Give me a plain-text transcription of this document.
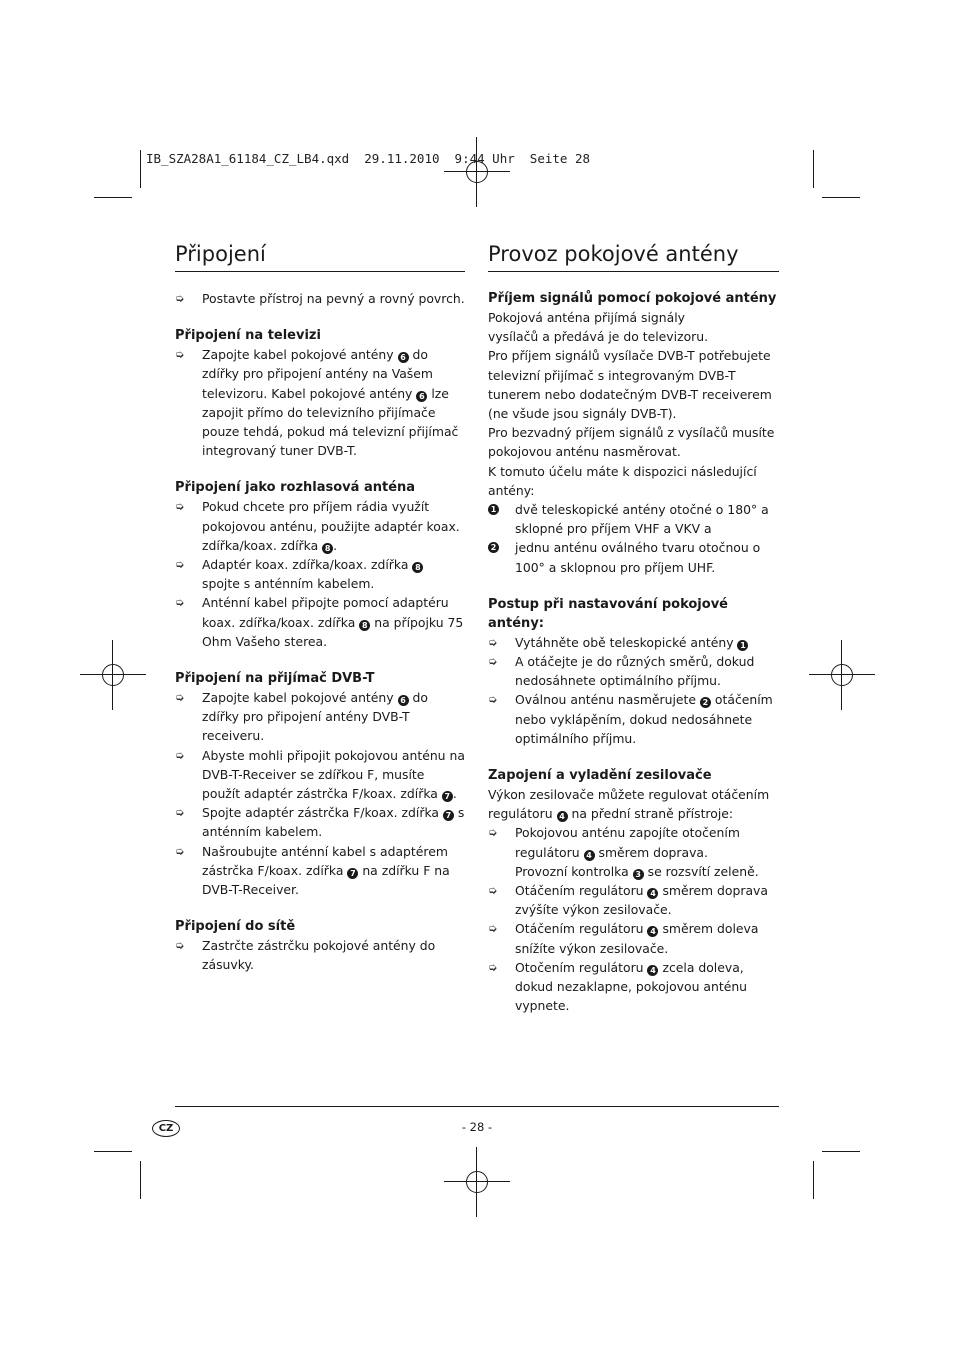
IB_SZA28A1_61184_CZ_LB4.qxd  29.11.2010  9:44 Uhr  Seite 28
Připojení
➭ Postavte přístroj na pevný a rovný povrch.
Připojení na televizi
➭ Zapojte kabel pokojové antény 6 do zdířky pro připojení antény na Vašem televizoru. Kabel pokojové antény 6 lze zapojit přímo do televizního přijímače pouze tehdá, pokud má televizní přijímač integrovaný tuner DVB-T.
Připojení jako rozhlasová anténa
➭ Pokud chcete pro příjem rádia využít pokojovou anténu, použijte adaptér koax. zdířka/koax. zdířka 8 .
➭ Adaptér koax. zdířka/koax. zdířka 8 spojte s anténním kabelem.
➭ Anténní kabel připojte pomocí adaptéru koax. zdířka/koax. zdířka 8 na přípojku 75 Ohm Vašeho sterea.
Připojení na přijímač DVB-T
➭ Zapojte kabel pokojové antény 6 do zdířky pro připojení antény DVB-T receiveru.
➭ Abyste mohli připojit pokojovou anténu na DVB-T-Receiver se zdířkou F, musíte použít adaptér zástrčka F/koax. zdířka 7 .
➭ Spojte adaptér zástrčka F/koax. zdířka 7 s anténním kabelem.
➭ Našroubujte anténní kabel s adaptérem zástrčka F/koax. zdířka 7 na zdířku F na DVB-T-Receiver.
Připojení do sítě
➭ Zastrčte zástrčku pokojové antény do zásuvky.
Provoz pokojové antény
Příjem signálů pomocí pokojové antény
Pokojová anténa přijímá signály vysílačů a předává je do televizoru.
Pro příjem signálů vysílače DVB-T potřebujete televizní přijímač s integrovaným DVB-T tunerem nebo dodatečným DVB-T receiverem (ne všude jsou signály DVB-T).
Pro bezvadný příjem signálů z vysílačů musíte pokojovou anténu nasměrovat.
K tomuto účelu máte k dispozici následující antény:
1 dvě teleskopické antény otočné o 180° a sklopné pro příjem VHF a VKV a
2 jednu anténu oválného tvaru otočnou o 100° a sklopnou pro příjem UHF.
Postup při nastavování pokojové antény:
➭ Vytáhněte obě teleskopické antény 1
➭ A otáčejte je do různých směrů, dokud nedosáhnete optimálního příjmu.
➭ Oválnou anténu nasměrujete 2 otáčením nebo vyklápěním, dokud nedosáhnete optimálního příjmu.
Zapojení a vyladění zesilovače
Výkon zesilovače můžete regulovat otáčením regulátoru 4 na přední straně přístroje:
➭ Pokojovou anténu zapojíte otočením regulátoru 4 směrem doprava.
Provozní kontrolka 3 se rozsvítí zeleně.
➭ Otáčením regulátoru 4 směrem doprava zvýšíte výkon zesilovače.
➭ Otáčením regulátoru 4 směrem doleva snížíte výkon zesilovače.
➭ Otočením regulátoru 4 zcela doleva, dokud nezaklapne, pokojovou anténu vypnete.
CZ	- 28 -
